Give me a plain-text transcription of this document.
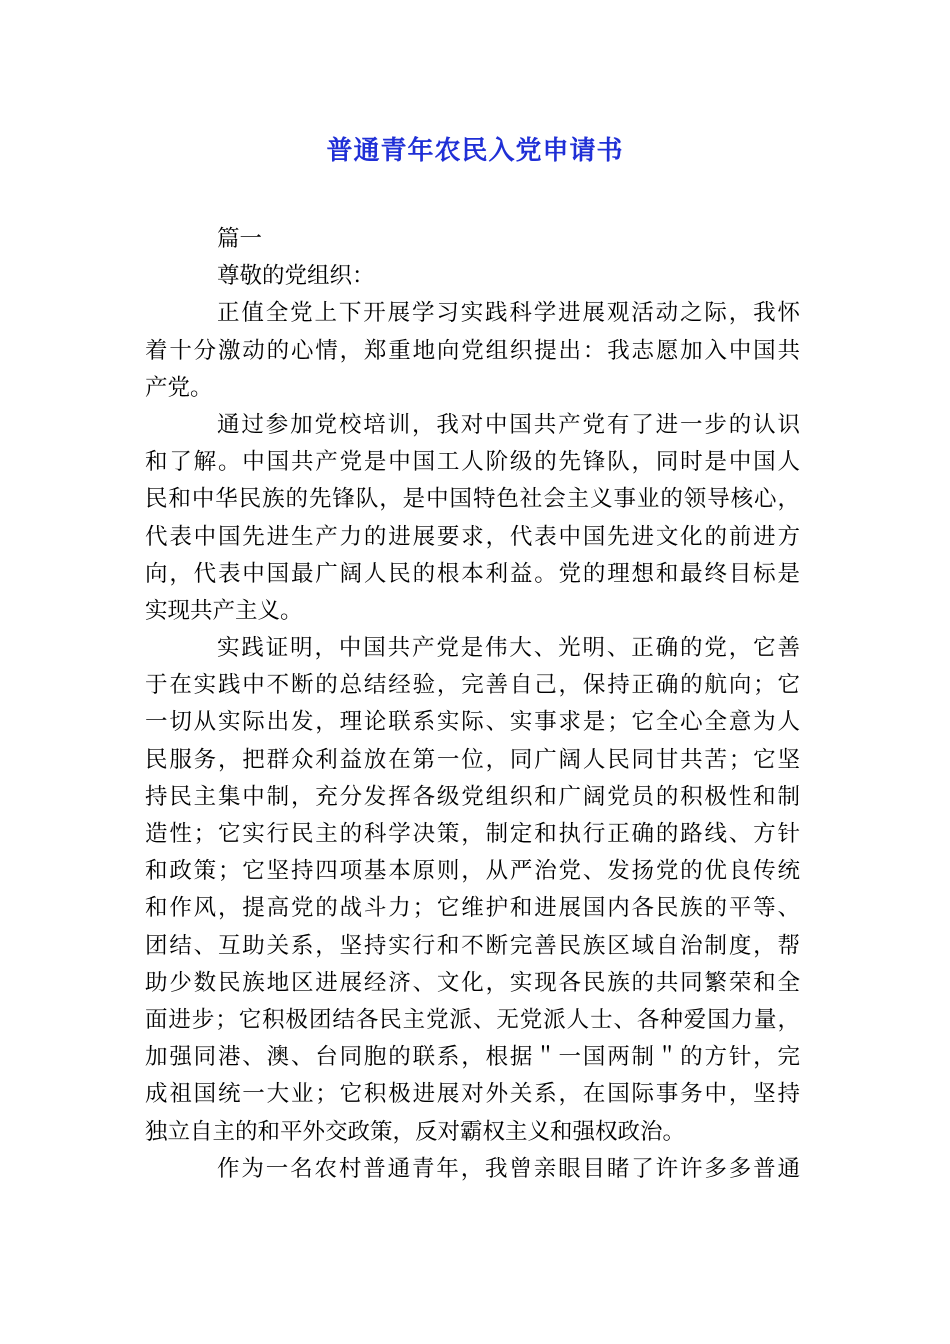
普通青年农民入党申请书
篇一
尊敬的党组织：
正值全党上下开展学习实践科学进展观活动之际，我怀
着十分激动的心情，郑重地向党组织提出：我志愿加入中国共
产党。
通过参加党校培训，我对中国共产党有了进一步的认识
和了解。中国共产党是中国工人阶级的先锋队，同时是中国人
民和中华民族的先锋队，是中国特色社会主义事业的领导核心，
代表中国先进生产力的进展要求，代表中国先进文化的前进方
向，代表中国最广阔人民的根本利益。党的理想和最终目标是
实现共产主义。
实践证明，中国共产党是伟大、光明、正确的党，它善
于在实践中不断的总结经验，完善自己，保持正确的航向；它
一切从实际出发，理论联系实际、实事求是；它全心全意为人
民服务，把群众利益放在第一位，同广阔人民同甘共苦；它坚
持民主集中制，充分发挥各级党组织和广阔党员的积极性和制
造性；它实行民主的科学决策，制定和执行正确的路线、方针
和政策；它坚持四项基本原则，从严治党、发扬党的优良传统
和作风，提高党的战斗力；它维护和进展国内各民族的平等、
团结、互助关系，坚持实行和不断完善民族区域自治制度，帮
助少数民族地区进展经济、文化，实现各民族的共同繁荣和全
面进步；它积极团结各民主党派、无党派人士、各种爱国力量，
加强同港、澳、台同胞的联系，根据＂一国两制＂的方针，完
成祖国统一大业；它积极进展对外关系，在国际事务中，坚持
独立自主的和平外交政策，反对霸权主义和强权政治。
作为一名农村普通青年，我曾亲眼目睹了许许多多普通
